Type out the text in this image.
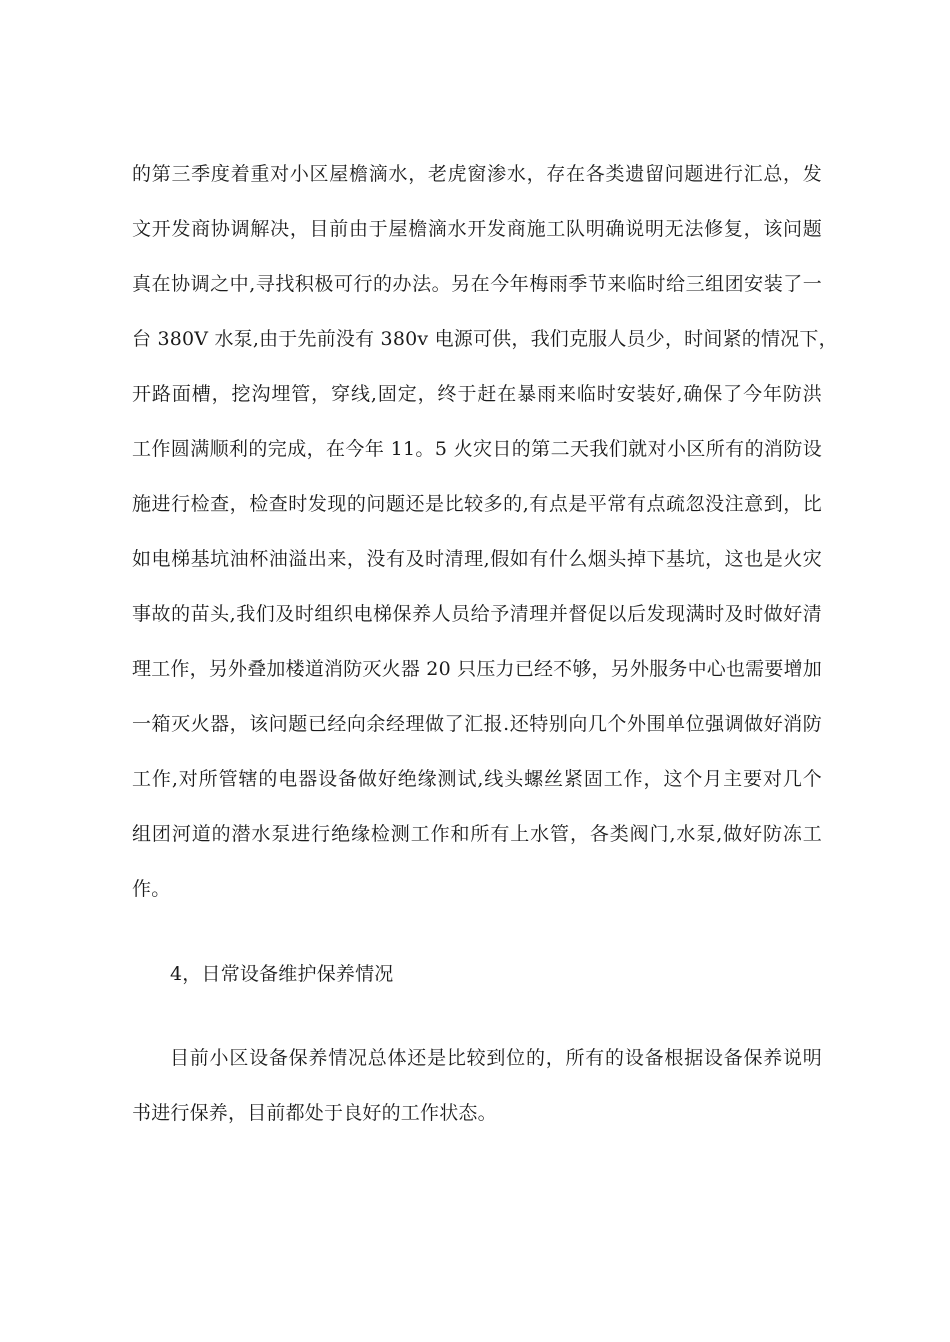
的第三季度着重对小区屋檐滴水，老虎窗渗水，存在各类遗留问题进行汇总，发
文开发商协调解决，目前由于屋檐滴水开发商施工队明确说明无法修复，该问题
真在协调之中,寻找积极可行的办法。另在今年梅雨季节来临时给三组团安装了一
台 380V 水泵,由于先前没有 380v 电源可供，我们克服人员少，时间紧的情况下，
开路面槽，挖沟埋管，穿线,固定，终于赶在暴雨来临时安装好,确保了今年防洪
工作圆满顺利的完成，在今年 11。5 火灾日的第二天我们就对小区所有的消防设
施进行检查，检查时发现的问题还是比较多的,有点是平常有点疏忽没注意到，比
如电梯基坑油杯油溢出来，没有及时清理,假如有什么烟头掉下基坑，这也是火灾
事故的苗头,我们及时组织电梯保养人员给予清理并督促以后发现满时及时做好清
理工作，另外叠加楼道消防灭火器 20 只压力已经不够，另外服务中心也需要增加
一箱灭火器，该问题已经向余经理做了汇报.还特别向几个外围单位强调做好消防
工作,对所管辖的电器设备做好绝缘测试,线头螺丝紧固工作，这个月主要对几个
组团河道的潜水泵进行绝缘检测工作和所有上水管，各类阀门,水泵,做好防冻工
作。
4，日常设备维护保养情况
目前小区设备保养情况总体还是比较到位的，所有的设备根据设备保养说明
书进行保养，目前都处于良好的工作状态。
